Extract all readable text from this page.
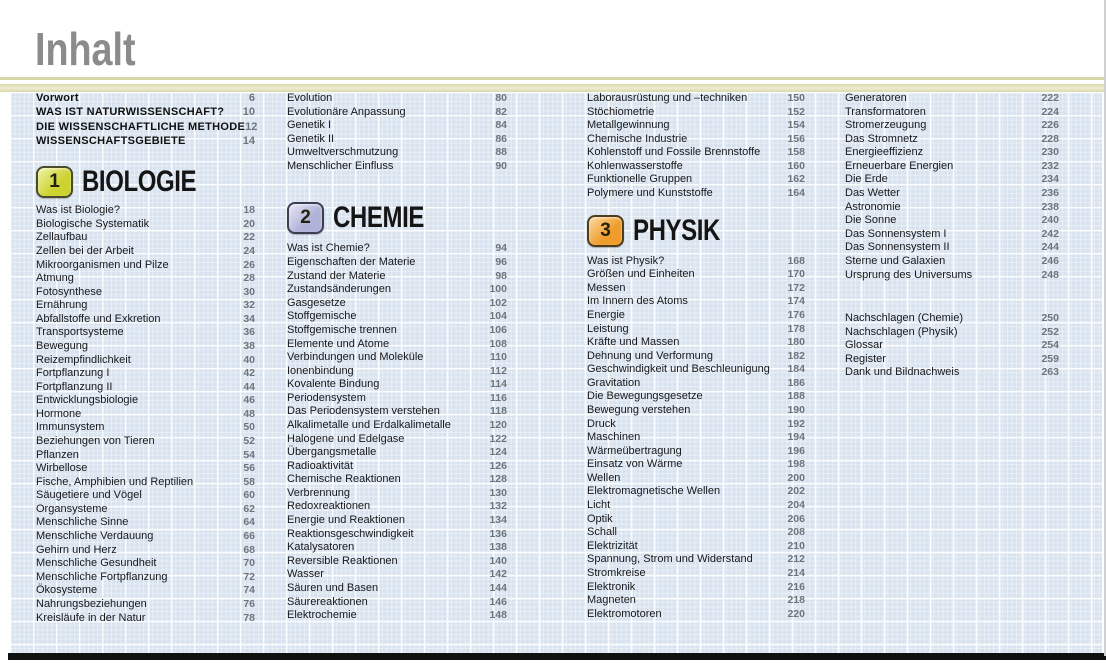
Inhalt
Vorwort	6
WAS IST NATURWISSENSCHAFT? 10
DIE WISSENSCHAFTLICHE METHODE 12
WISSENSCHAFTSGEBIETE	14
1 BIOLOGIE
Was ist Biologie?	18
Biologische Systematik	20
Zellaufbau	22
Zellen bei der Arbeit	24
Mikroorganismen und Pilze	26
Atmung	28
Fotosynthese	30
Ernährung	32
Abfallstoffe und Exkretion	34
Transportsysteme	36
Bewegung	38
Reizempfindlichkeit	40
Fortpflanzung I	42
Fortpflanzung II	44
Entwicklungsbiologie	46
Hormone	48
Immunsystem	50
Beziehungen von Tieren	52
Pflanzen	54
Wirbellose	56
Fische, Amphibien und Reptilien	58
Säugetiere und Vögel	60
Organsysteme	62
Menschliche Sinne	64
Menschliche Verdauung	66
Gehirn und Herz	68
Menschliche Gesundheit	70
Menschliche Fortpflanzung	72
Ökosysteme	74
Nahrungsbeziehungen	76
Kreisläufe in der Natur	78
Evolution	80
Evolutionäre Anpassung	82
Genetik I	84
Genetik II	86
Umweltverschmutzung	88
Menschlicher Einfluss	90
2 CHEMIE
Was ist Chemie?	94
Eigenschaften der Materie	96
Zustand der Materie	98
Zustandsänderungen	100
Gasgesetze	102
Stoffgemische	104
Stoffgemische trennen	106
Elemente und Atome	108
Verbindungen und Moleküle	110
Ionenbindung	112
Kovalente Bindung	114
Periodensystem	116
Das Periodensystem verstehen	118
Alkalimetalle und Erdalkalimetalle	120
Halogene und Edelgase	122
Übergangsmetalle	124
Radioaktivität	126
Chemische Reaktionen	128
Verbrennung	130
Redoxreaktionen	132
Energie und Reaktionen	134
Reaktionsgeschwindigkeit	136
Katalysatoren	138
Reversible Reaktionen	140
Wasser	142
Säuren und Basen	144
Säurereaktionen	146
Elektrochemie	148
Laborausrüstung und –techniken	150
Stöchiometrie	152
Metallgewinnung	154
Chemische Industrie	156
Kohlenstoff und Fossile Brennstoffe	158
Kohlenwasserstoffe	160
Funktionelle Gruppen	162
Polymere und Kunststoffe	164
3 PHYSIK
Was ist Physik?	168
Größen und Einheiten	170
Messen	172
Im Innern des Atoms	174
Energie	176
Leistung	178
Kräfte und Massen	180
Dehnung und Verformung	182
Geschwindigkeit und Beschleunigung 184
Gravitation	186
Die Bewegungsgesetze	188
Bewegung verstehen	190
Druck	192
Maschinen	194
Wärmeübertragung	196
Einsatz von Wärme	198
Wellen	200
Elektromagnetische Wellen	202
Licht	204
Optik	206
Schall	208
Elektrizität	210
Spannung, Strom und Widerstand	212
Stromkreise	214
Elektronik	216
Magneten	218
Elektromotoren	220
Generatoren	222
Transformatoren	224
Stromerzeugung	226
Das Stromnetz	228
Energieeffizienz	230
Erneuerbare Energien	232
Die Erde	234
Das Wetter	236
Astronomie	238
Die Sonne	240
Das Sonnensystem I	242
Das Sonnensystem II	244
Sterne und Galaxien	246
Ursprung des Universums	248
Nachschlagen (Chemie)	250
Nachschlagen (Physik)	252
Glossar	254
Register	259
Dank und Bildnachweis	263
